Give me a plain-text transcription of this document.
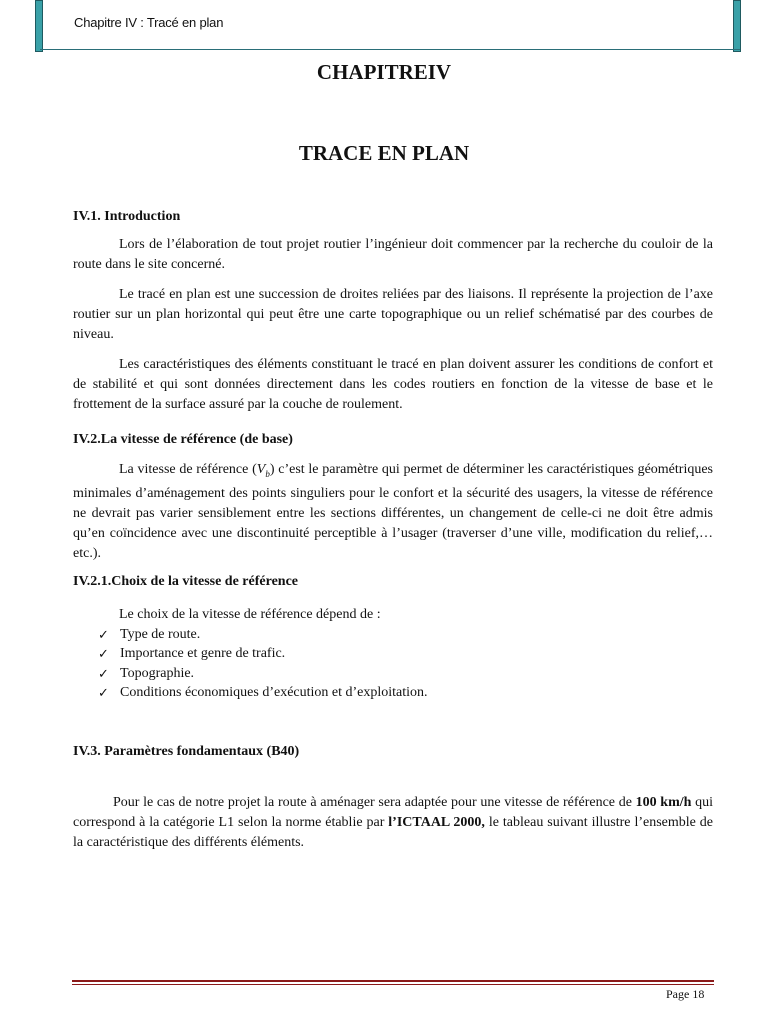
Chapitre IV : Tracé en plan
CHAPITREIV
TRACE EN PLAN
IV.1. Introduction
Lors de l’élaboration de tout projet routier l’ingénieur doit commencer par la recherche du couloir de la route dans le site concerné.
Le tracé en plan est une succession de droites reliées par des liaisons. Il représente la projection de l’axe routier sur un plan horizontal qui peut être une carte topographique ou un relief schématisé par des courbes de niveau.
Les caractéristiques des éléments constituant le tracé en plan doivent assurer les conditions de confort et de stabilité et qui sont données directement dans les codes routiers en fonction de la vitesse de base et le frottement de la surface assuré par la couche de roulement.
IV.2.La vitesse de référence (de base)
La vitesse de référence $(V_b)$ c’est le paramètre qui permet de déterminer les caractéristiques géométriques minimales d’aménagement des points singuliers pour le confort et la sécurité des usagers, la vitesse de référence ne devrait pas varier sensiblement entre les sections différentes, un changement de celle-ci ne doit être admis qu’en coïncidence avec une discontinuité perceptible à l’usager (traverser d’une ville, modification du relief,… etc.).
IV.2.1.Choix de la vitesse de référence
Le choix de la vitesse de référence dépend de :
✓ Type de route.
✓ Importance et genre de trafic.
✓ Topographie.
✓ Conditions économiques d’exécution et d’exploitation.
IV.3. Paramètres fondamentaux (B40)
Pour le cas de notre projet la route à aménager sera adaptée pour une vitesse de référence de 100 km/h qui correspond à la catégorie L1 selon la norme établie par l’ICTAAL 2000, le tableau suivant illustre l’ensemble de la caractéristique des différents éléments.
Page 18
